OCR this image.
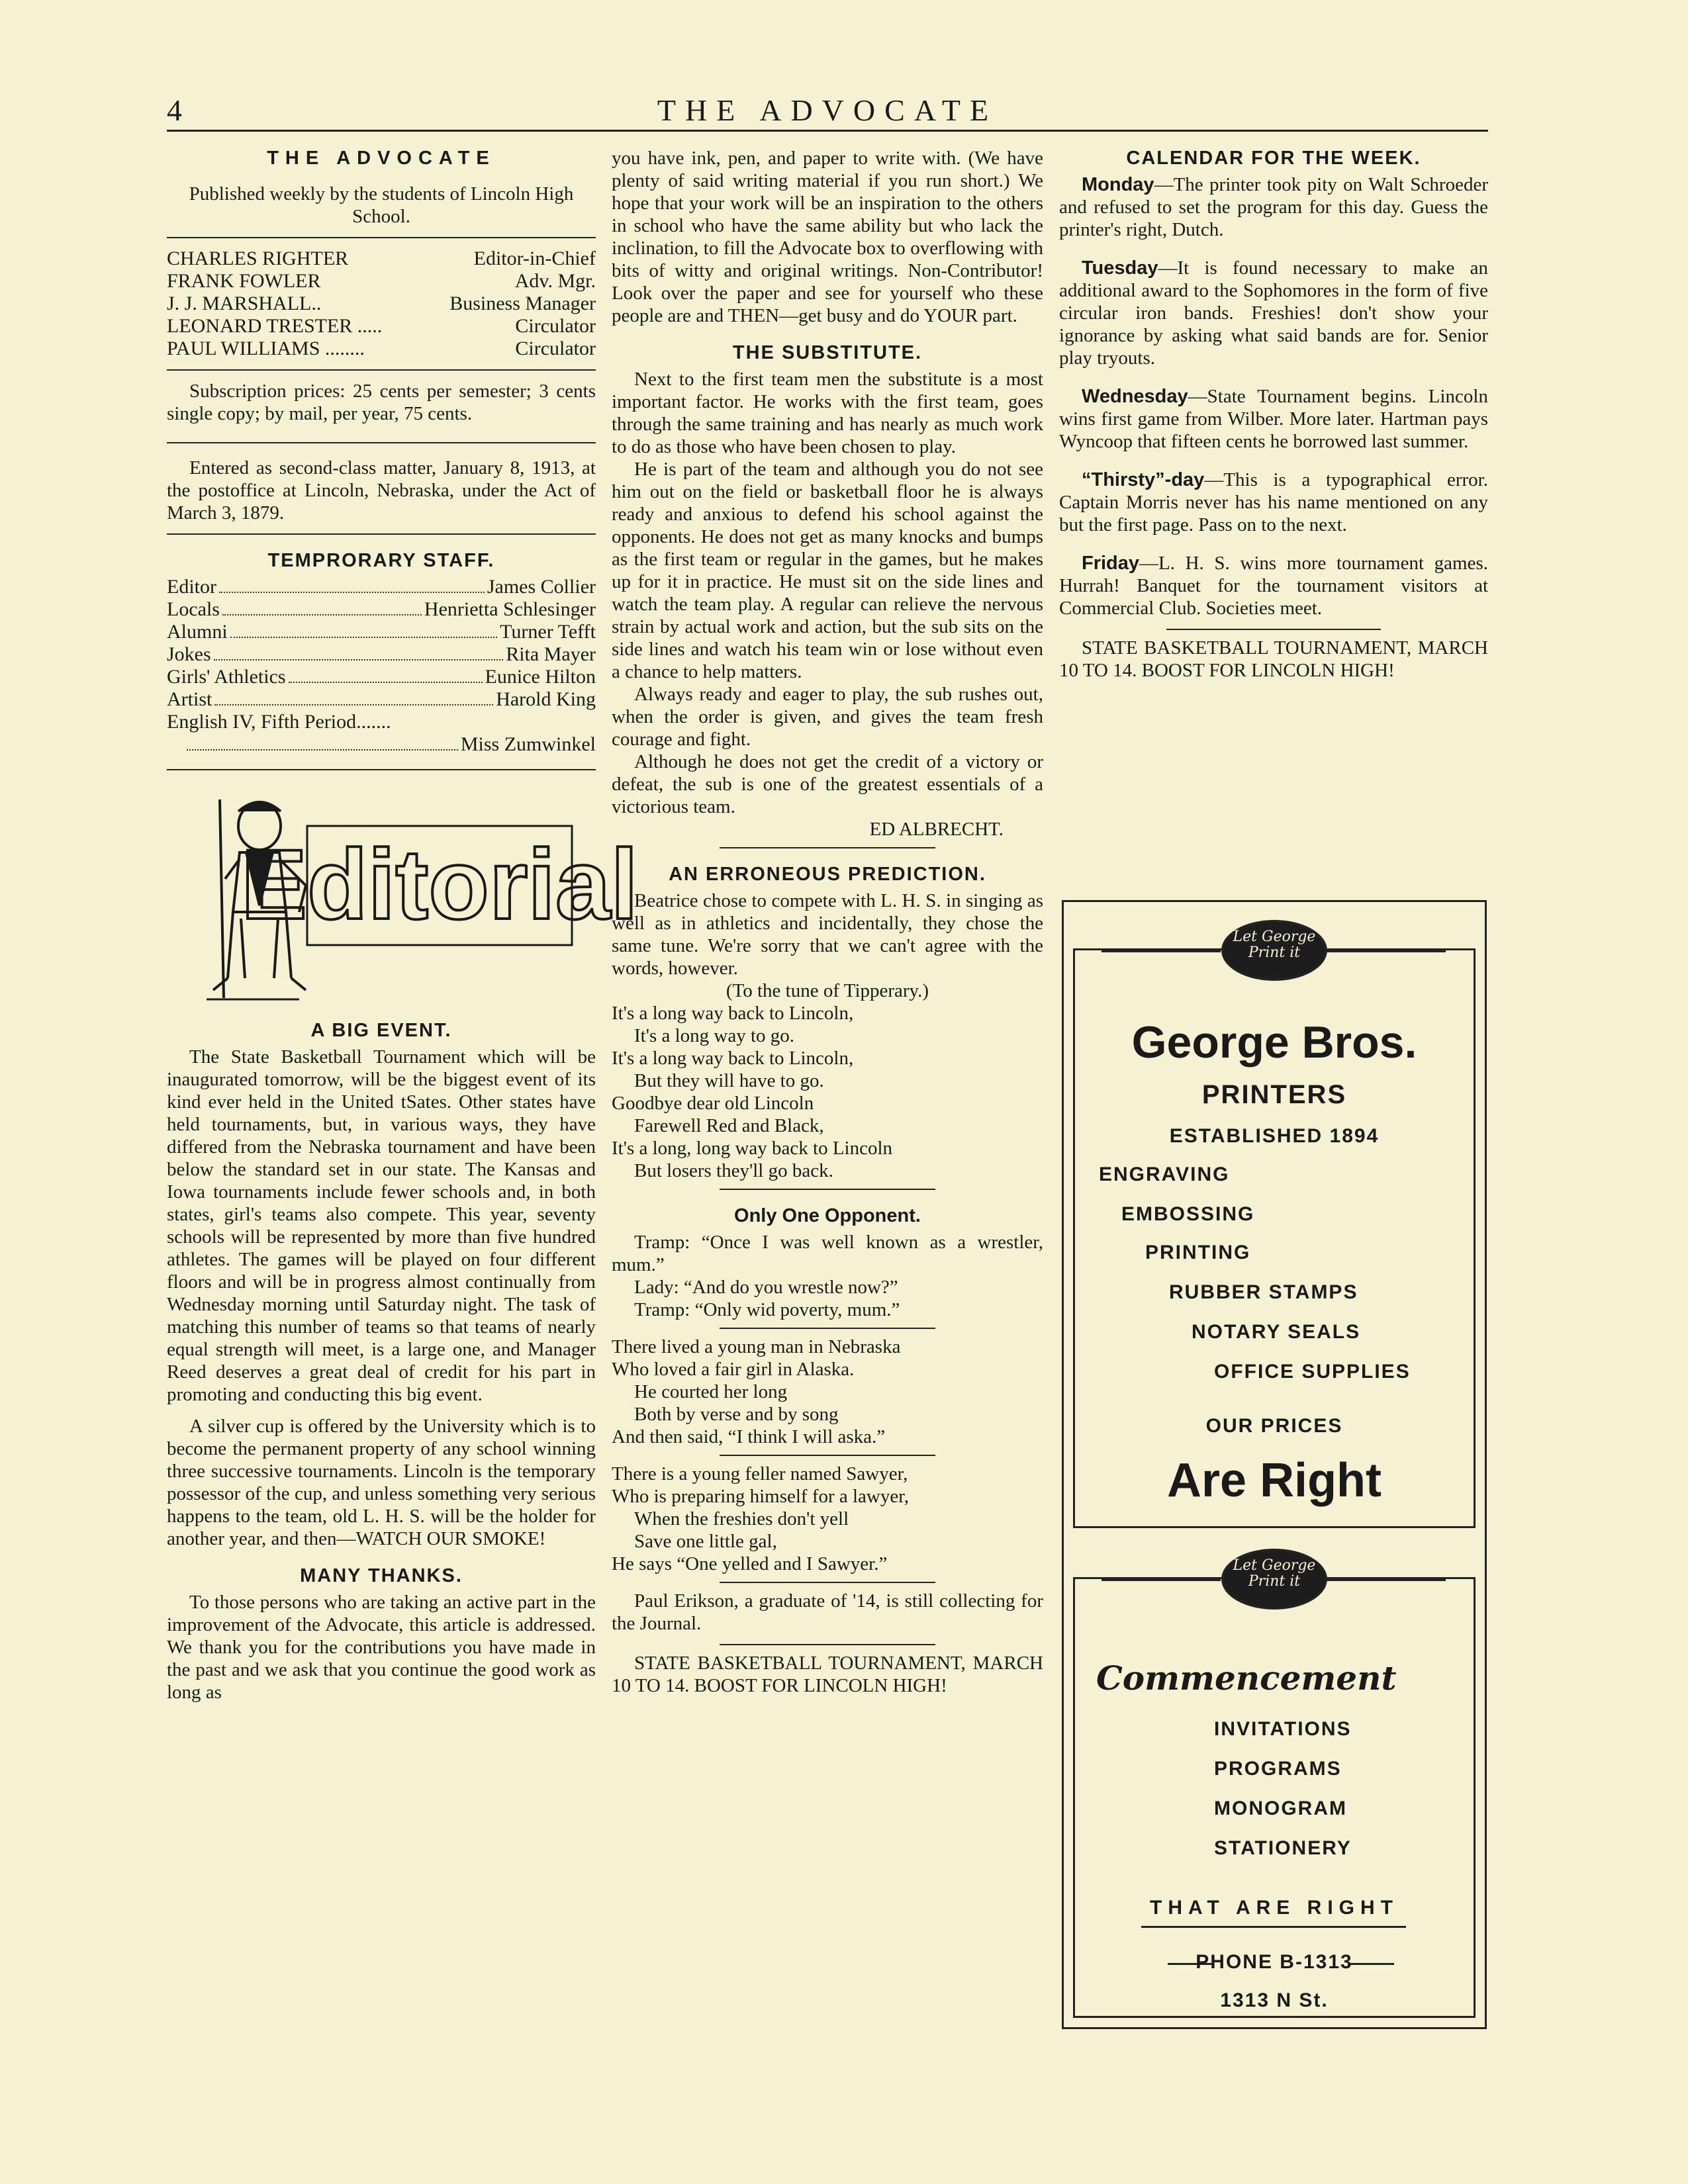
4	THE ADVOCATE
THE ADVOCATE

Published weekly by the students of Lincoln High School.

CHARLES RIGHTER	Editor-in-Chief
FRANK FOWLER	Adv. Mgr.
J. J. MARSHALL..	Business Manager
LEONARD TRESTER .....	Circulator
PAUL WILLIAMS ........	Circulator

Subscription prices: 25 cents per semester; 3 cents single copy; by mail, per year, 75 cents.

Entered as second-class matter, January 8, 1913, at the postoffice at Lincoln, Nebraska, under the Act of March 3, 1879.

TEMPRORARY STAFF.
Editor	James Collier
Locals	Henrietta Schlesinger
Alumni	Turner Tefft
Jokes	Rita Mayer
Girls' Athletics	Eunice Hilton
Artist	Harold King
English IV, Fifth Period.......
Miss Zumwinkel
Editorial
A BIG EVENT.

The State Basketball Tournament which will be inaugurated tomorrow, will be the biggest event of its kind ever held in the United tSates. Other states have held tournaments, but, in various ways, they have differed from the Nebraska tournament and have been below the standard set in our state. The Kansas and Iowa tournaments include fewer schools and, in both states, girl's teams also compete. This year, seventy schools will be represented by more than five hundred athletes. The games will be played on four different floors and will be in progress almost continually from Wednesday morning until Saturday night. The task of matching this number of teams so that teams of nearly equal strength will meet, is a large one, and Manager Reed deserves a great deal of credit for his part in promoting and conducting this big event.

A silver cup is offered by the University which is to become the permanent property of any school winning three successive tournaments. Lincoln is the temporary possessor of the cup, and unless something very serious happens to the team, old L. H. S. will be the holder for another year, and then—WATCH OUR SMOKE!

MANY THANKS.

To those persons who are taking an active part in the improvement of the Advocate, this article is addressed. We thank you for the contributions you have made in the past and we ask that you continue the good work as long as

you have ink, pen, and paper to write with. (We have plenty of said writing material if you run short.) We hope that your work will be an inspiration to the others in school who have the same ability but who lack the inclination, to fill the Advocate box to overflowing with bits of witty and original writings. Non-Contributor! Look over the paper and see for yourself who these people are and THEN—get busy and do YOUR part.

THE SUBSTITUTE.

Next to the first team men the substitute is a most important factor. He works with the first team, goes through the same training and has nearly as much work to do as those who have been chosen to play.

He is part of the team and although you do not see him out on the field or basketball floor he is always ready and anxious to defend his school against the opponents. He does not get as many knocks and bumps as the first team or regular in the games, but he makes up for it in practice. He must sit on the side lines and watch the team play. A regular can relieve the nervous strain by actual work and action, but the sub sits on the side lines and watch his team win or lose without even a chance to help matters.

Always ready and eager to play, the sub rushes out, when the order is given, and gives the team fresh courage and fight.

Although he does not get the credit of a victory or defeat, the sub is one of the greatest essentials of a victorious team.

ED ALBRECHT.
AN ERRONEOUS PREDICTION.

Beatrice chose to compete with L. H. S. in singing as well as in athletics and incidentally, they chose the same tune. We're sorry that we can't agree with the words, however.

(To the tune of Tipperary.)
It's a long way back to Lincoln,
It's a long way to go.
It's a long way back to Lincoln,
But they will have to go.
Goodbye dear old Lincoln
Farewell Red and Black,
It's a long, long way back to Lincoln
But losers they'll go back.
Only One Opponent.

Tramp: “Once I was well known as a wrestler, mum.”

Lady: “And do you wrestle now?”
Tramp: “Only wid poverty, mum.”
There lived a young man in Nebraska
Who loved a fair girl in Alaska.
He courted her long
Both by verse and by song
And then said, “I think I will aska.”
There is a young feller named Sawyer,
Who is preparing himself for a lawyer,
When the freshies don't yell
Save one little gal,
He says “One yelled and I Sawyer.”

Paul Erikson, a graduate of '14, is still collecting for the Journal.

STATE BASKETBALL TOURNAMENT, MARCH 10 TO 14. BOOST FOR LINCOLN HIGH!

CALENDAR FOR THE WEEK.

Monday—The printer took pity on Walt Schroeder and refused to set the program for this day. Guess the printer's right, Dutch.

Tuesday—It is found necessary to make an additional award to the Sophomores in the form of five circular iron bands. Freshies! don't show your ignorance by asking what said bands are for. Senior play tryouts.

Wednesday—State Tournament begins. Lincoln wins first game from Wilber. More later. Hartman pays Wyncoop that fifteen cents he borrowed last summer.

“Thirsty”-day—This is a typographical error. Captain Morris never has his name mentioned on any but the first page. Pass on to the next.

Friday—L. H. S. wins more tournament games. Hurrah! Banquet for the tournament visitors at Commercial Club. Societies meet.

STATE BASKETBALL TOURNAMENT, MARCH 10 TO 14. BOOST FOR LINCOLN HIGH!

Let George Print it
George Bros.
PRINTERS
ESTABLISHED 1894
ENGRAVING
EMBOSSING
PRINTING
RUBBER STAMPS
NOTARY SEALS
OFFICE SUPPLIES
OUR PRICES
Are Right
Let George Print it
Commencement
INVITATIONS
PROGRAMS
MONOGRAM
STATIONERY
THAT ARE RIGHT
PHONE B-1313
1313 N St.
